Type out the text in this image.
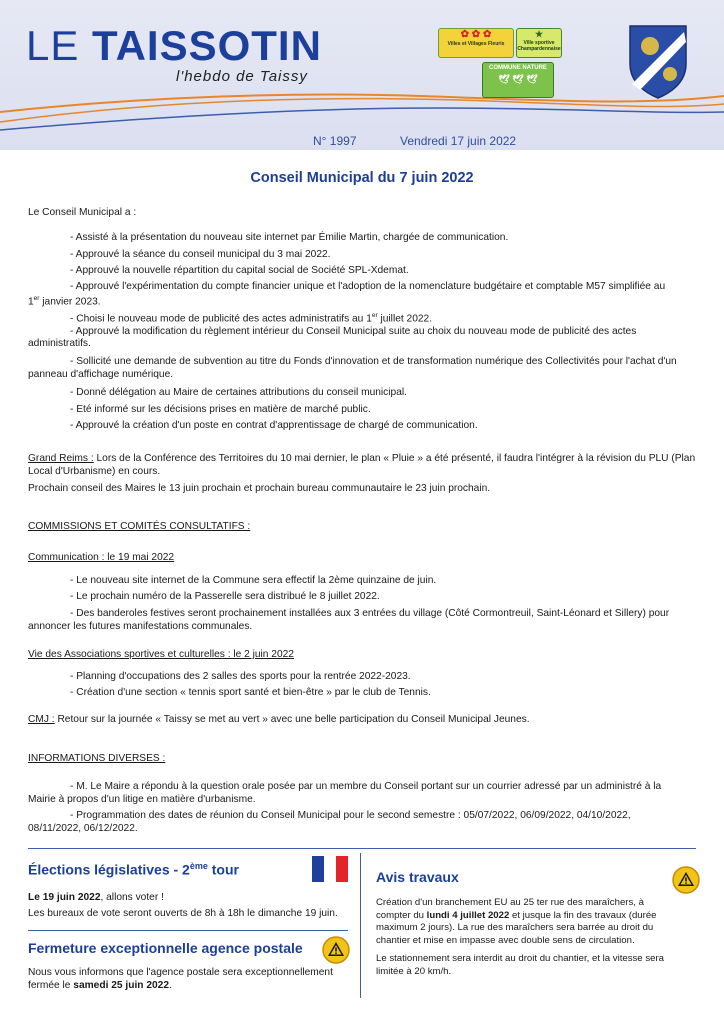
LE TAISSOTIN
l'hebdo de Taissy
✿ ✿ ✿
Villes et Villages Fleuris
★
Ville sportive Champardennaise
COMMUNE NATURE
🕊 🕊 🕊
N° 1997	Vendredi 17 juin 2022
Conseil Municipal du 7 juin 2022
Le Conseil Municipal a :
- Assisté à la présentation du nouveau site internet par Émilie Martin, chargée de communication.
- Approuvé la séance du conseil municipal du 3 mai 2022.
- Approuvé la nouvelle répartition du capital social de Société SPL-Xdemat.
- Approuvé l'expérimentation du compte financier unique et l'adoption de la nomenclature budgétaire et comptable M57 simplifiée au
1er janvier 2023.
- Choisi le nouveau mode de publicité des actes administratifs au 1er juillet 2022.
- Approuvé la modification du règlement intérieur du Conseil Municipal suite au choix du nouveau mode de publicité des actes
administratifs.
- Sollicité une demande de subvention au titre du Fonds d'innovation et de transformation numérique des Collectivités pour l'achat d'un
panneau d'affichage numérique.
- Donné délégation au Maire de certaines attributions du conseil municipal.
- Eté informé sur les décisions prises en matière de marché public.
- Approuvé la création d'un poste en contrat d'apprentissage de chargé de communication.
Grand Reims : Lors de la Conférence des Territoires du 10 mai dernier, le plan « Pluie » a été présenté, il faudra l'intégrer à la révision du PLU (Plan
Local d'Urbanisme) en cours.
Prochain conseil des Maires le 13 juin prochain et prochain bureau communautaire le 23 juin prochain.
COMMISSIONS ET COMITÉS CONSULTATIFS :
Communication : le 19 mai 2022
- Le nouveau site internet de la Commune sera effectif la 2ème quinzaine de juin.
- Le prochain numéro de la Passerelle sera distribué le 8 juillet 2022.
- Des banderoles festives seront prochainement installées aux 3 entrées du village (Côté Cormontreuil, Saint-Léonard et Sillery) pour
annoncer les futures manifestations communales.
Vie des Associations sportives et culturelles : le 2 juin 2022
- Planning d'occupations des 2 salles des sports pour la rentrée 2022-2023.
- Création d'une section « tennis sport santé et bien-être » par le club de Tennis.
CMJ : Retour sur la journée « Taissy se met au vert » avec une belle participation du Conseil Municipal Jeunes.
INFORMATIONS DIVERSES :
- M. Le Maire a répondu à la question orale posée par un membre du Conseil portant sur un courrier adressé par un administré à la
Mairie à propos d'un litige en matière d'urbanisme.
- Programmation des dates de réunion du Conseil Municipal pour le second semestre : 05/07/2022, 06/09/2022, 04/10/2022,
08/11/2022, 06/12/2022.
Élections législatives - 2ème tour
Le 19 juin 2022, allons voter !
Les bureaux de vote seront ouverts de 8h à 18h le dimanche 19 juin.
Fermeture exceptionnelle agence postale
Nous vous informons que l'agence postale sera exceptionnellement
fermée le samedi 25 juin 2022.
Avis travaux
Création d'un branchement EU au 25 ter rue des maraîchers, à
compter du lundi 4 juillet 2022 et jusque la fin des travaux (durée
maximum 2 jours). La rue des maraîchers sera barrée au droit du
chantier et mise en impasse avec double sens de circulation.
Le stationnement sera interdit au droit du chantier, et la vitesse sera
limitée à 20 km/h.
